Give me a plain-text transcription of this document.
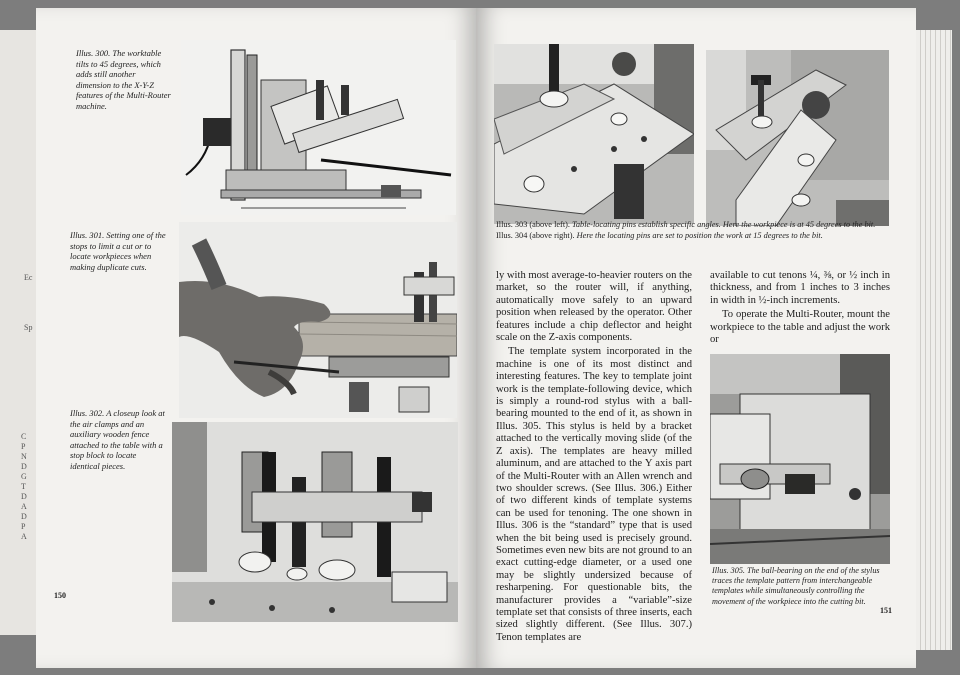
Ec
Sp
C
P
N
D
G
T
D
A
D
P
A
Illus. 300. The worktable tilts to 45 degrees, which adds still another dimension to the X-Y-Z features of the Multi-Router machine.
Illus. 301. Setting one of the stops to limit a cut or to locate workpieces when making duplicate cuts.
Illus. 302. A closeup look at the air clamps and an auxiliary wooden fence attached to the table with a stop block to locate identical pieces.
150
Illus. 303 (above left). Table-locating pins establish specific angles. Here the workpiece is at 45 degrees to the bit.
Illus. 304 (above right). Here the locating pins are set to position the work at 15 degrees to the bit.

ly with most average-to-heavier routers on the market, so the router will, if anything, automatically move safely to an upward position when released by the operator. Other features include a chip deflector and height scale on the Z-axis components.

The template system incorporated in the machine is one of its most distinct and interesting features. The key to template joint work is the template-following device, which is simply a round-rod stylus with a ball-bearing mounted to the end of it, as shown in Illus. 305. This stylus is held by a bracket attached to the vertically moving slide (of the Z axis). The templates are heavy milled aluminum, and are attached to the Y axis part of the Multi-Router with an Allen wrench and two shoulder screws. (See Illus. 306.) Either of two different kinds of template systems can be used for tenoning. The one shown in Illus. 306 is the “standard” type that is used when the bit being used is precisely ground. Sometimes even new bits are not ground to an exact cutting-edge diameter, or a used one may be slightly undersized because of resharpening. For questionable bits, the manufacturer provides a “variable”-size template set that consists of three inserts, each sized slightly different. (See Illus. 307.) Tenon templates are

available to cut tenons ¼, ⅜, or ½ inch in thickness, and from 1 inches to 3 inches in width in ½-inch increments.

To operate the Multi-Router, mount the workpiece to the table and adjust the work or

Illus. 305. The ball-bearing on the end of the stylus traces the template pattern from interchangeable templates while simultaneously controlling the movement of the workpiece into the cutting bit.
151
